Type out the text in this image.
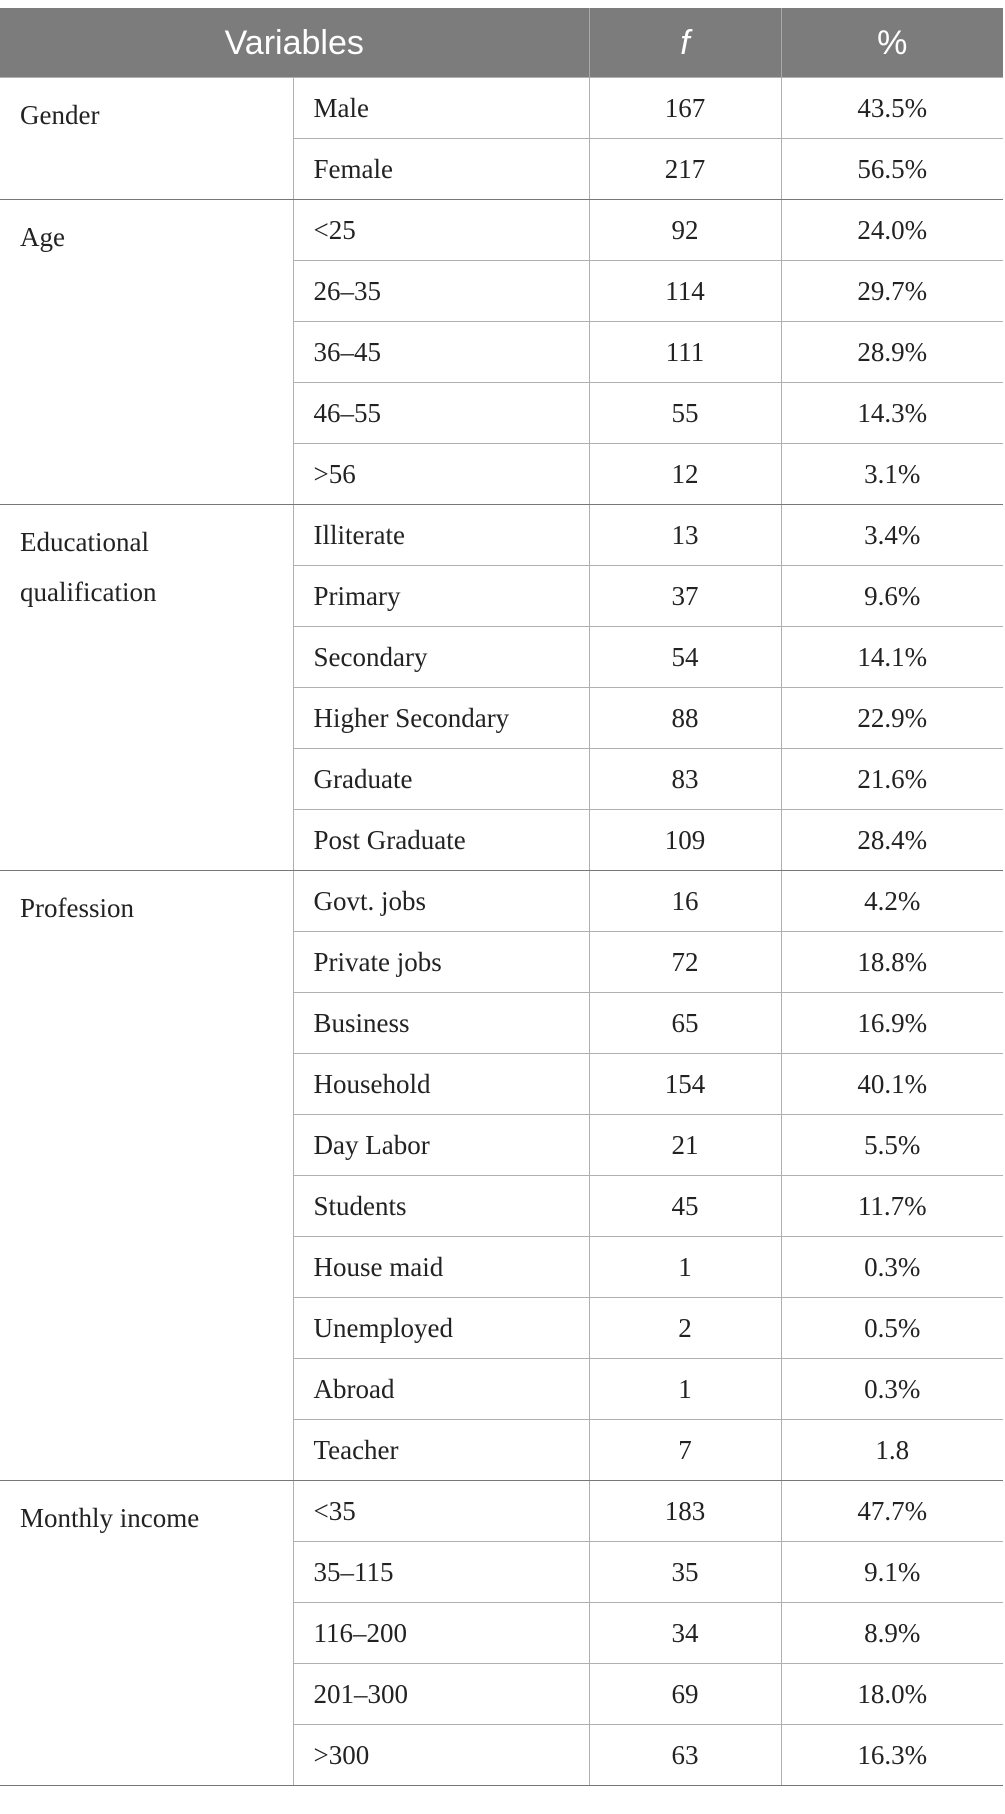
Variables		f	%

Gender	Male	167	43.5%
	Female	217	56.5%

Age	<25	92	24.0%
	26–35	114	29.7%
	36–45	111	28.9%
	46–55	55	14.3%
	>56	12	3.1%

Educational qualification	Illiterate	13	3.4%
	Primary	37	9.6%
	Secondary	54	14.1%
	Higher Secondary	88	22.9%
	Graduate	83	21.6%
	Post Graduate	109	28.4%

Profession	Govt. jobs	16	4.2%
	Private jobs	72	18.8%
	Business	65	16.9%
	Household	154	40.1%
	Day Labor	21	5.5%
	Students	45	11.7%
	House maid	1	0.3%
	Unemployed	2	0.5%
	Abroad	1	0.3%
	Teacher	7	1.8

Monthly income	<35	183	47.7%
	35–115	35	9.1%
	116–200	34	8.9%
	201–300	69	18.0%
	>300	63	16.3%
